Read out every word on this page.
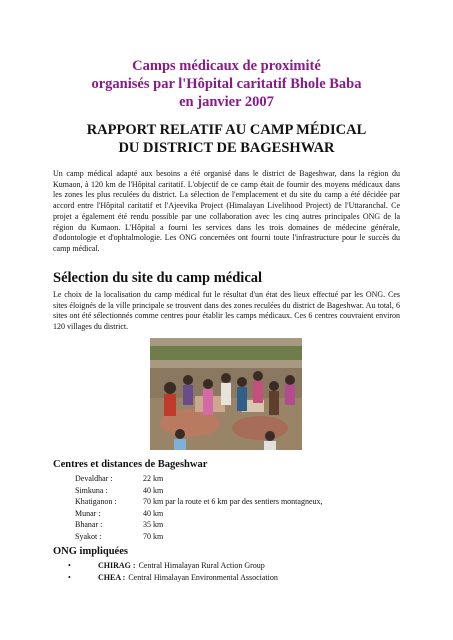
Camps médicaux de proximité
organisés par l'Hôpital caritatif Bhole Baba
en janvier 2007
RAPPORT RELATIF AU CAMP MÉDICAL
DU DISTRICT DE BAGESHWAR
Un camp médical adapté aux besoins a été organisé dans le district de Bageshwar, dans la région du Kumaon, à 120 km de l'Hôpital caritatif. L'objectif de ce camp était de fournir des moyens médicaux dans les zones les plus reculées du district. La sélection de l'emplacement et du site du camp a été décidée par accord entre l'Hôpital caritatif et l'Ajeevika Project (Himalayan Livelihood Project) de l'Uttaranchal. Ce projet a également été rendu possible par une collaboration avec les cinq autres principales ONG de la région du Kumaon. L'Hôpital a fourni les services dans les trois domaines de médecine générale, d'odontologie et d'ophtalmologie. Les ONG concernées ont fourni toute l'infrastructure pour le succès du camp médical.
Sélection du site du camp médical
Le choix de la localisation du camp médical fut le résultat d'un état des lieux effectué par les ONG. Ces sites éloignés de la ville principale se trouvent dans des zones reculées du district de Bageshwar. Au total, 6 sites ont été sélectionnés comme centres pour établir les camps médicaux. Ces 6 centres couvraient environ 120 villages du district.
Centres et distances de Bageshwar
Devaldhar :	22 km
Simkuna :	40 km
Khatiganon :	70 km par la route et 6 km par des sentiers montagneux,
Munar :	40 km
Bhanar :	35 km
Syakot :	70 km
ONG impliquées
•	CHIRAG : Central Himalayan Rural Action Group
•	CHEA : Central Himalayan Environmental Association
